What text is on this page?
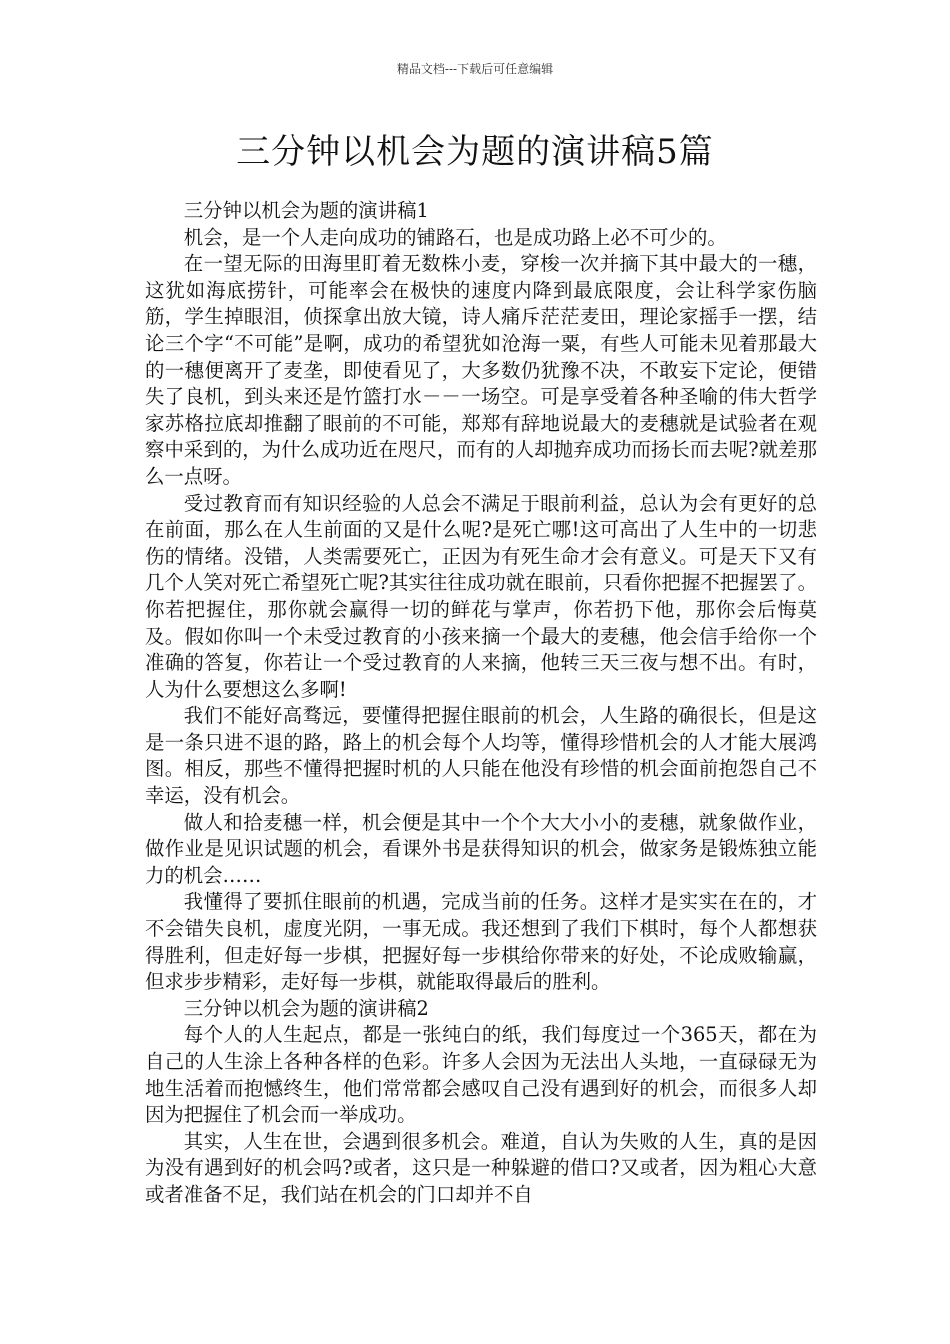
精品文档---下载后可任意编辑
三分钟以机会为题的演讲稿5篇

三分钟以机会为题的演讲稿1

机会，是一个人走向成功的铺路石，也是成功路上必不可少的。

在一望无际的田海里盯着无数株小麦，穿梭一次并摘下其中最大的一穗，这犹如海底捞针，可能率会在极快的速度内降到最底限度，会让科学家伤脑筋，学生掉眼泪，侦探拿出放大镜，诗人痛斥茫茫麦田，理论家摇手一摆，结论三个字“不可能”是啊，成功的希望犹如沧海一粟，有些人可能未见着那最大的一穗便离开了麦垄，即使看见了，大多数仍犹豫不决，不敢妄下定论，便错失了良机，到头来还是竹篮打水－－一场空。可是享受着各种圣喻的伟大哲学家苏格拉底却推翻了眼前的不可能，郑郑有辞地说最大的麦穗就是试验者在观察中采到的，为什么成功近在咫尺，而有的人却抛弃成功而扬长而去呢?就差那么一点呀。

受过教育而有知识经验的人总会不满足于眼前利益，总认为会有更好的总在前面，那么在人生前面的又是什么呢?是死亡哪!这可高出了人生中的一切悲伤的情绪。没错，人类需要死亡，正因为有死生命才会有意义。可是天下又有几个人笑对死亡希望死亡呢?其实往往成功就在眼前，只看你把握不把握罢了。你若把握住，那你就会赢得一切的鲜花与掌声，你若扔下他，那你会后悔莫及。假如你叫一个未受过教育的小孩来摘一个最大的麦穗，他会信手给你一个准确的答复，你若让一个受过教育的人来摘，他转三天三夜与想不出。有时，人为什么要想这么多啊!

我们不能好高骛远，要懂得把握住眼前的机会，人生路的确很长，但是这是一条只进不退的路，路上的机会每个人均等，懂得珍惜机会的人才能大展鸿图。相反，那些不懂得把握时机的人只能在他没有珍惜的机会面前抱怨自己不幸运，没有机会。

做人和拾麦穗一样，机会便是其中一个个大大小小的麦穗，就象做作业，做作业是见识试题的机会，看课外书是获得知识的机会，做家务是锻炼独立能力的机会……

我懂得了要抓住眼前的机遇，完成当前的任务。这样才是实实在在的，才不会错失良机，虚度光阴，一事无成。我还想到了我们下棋时，每个人都想获得胜利，但走好每一步棋，把握好每一步棋给你带来的好处，不论成败输赢，但求步步精彩，走好每一步棋，就能取得最后的胜利。

三分钟以机会为题的演讲稿2

每个人的人生起点，都是一张纯白的纸，我们每度过一个365天，都在为自己的人生涂上各种各样的色彩。许多人会因为无法出人头地，一直碌碌无为地生活着而抱憾终生，他们常常都会感叹自己没有遇到好的机会，而很多人却因为把握住了机会而一举成功。

其实，人生在世，会遇到很多机会。难道，自认为失败的人生，真的是因为没有遇到好的机会吗?或者，这只是一种躲避的借口?又或者，因为粗心大意或者准备不足，我们站在机会的门口却并不自
